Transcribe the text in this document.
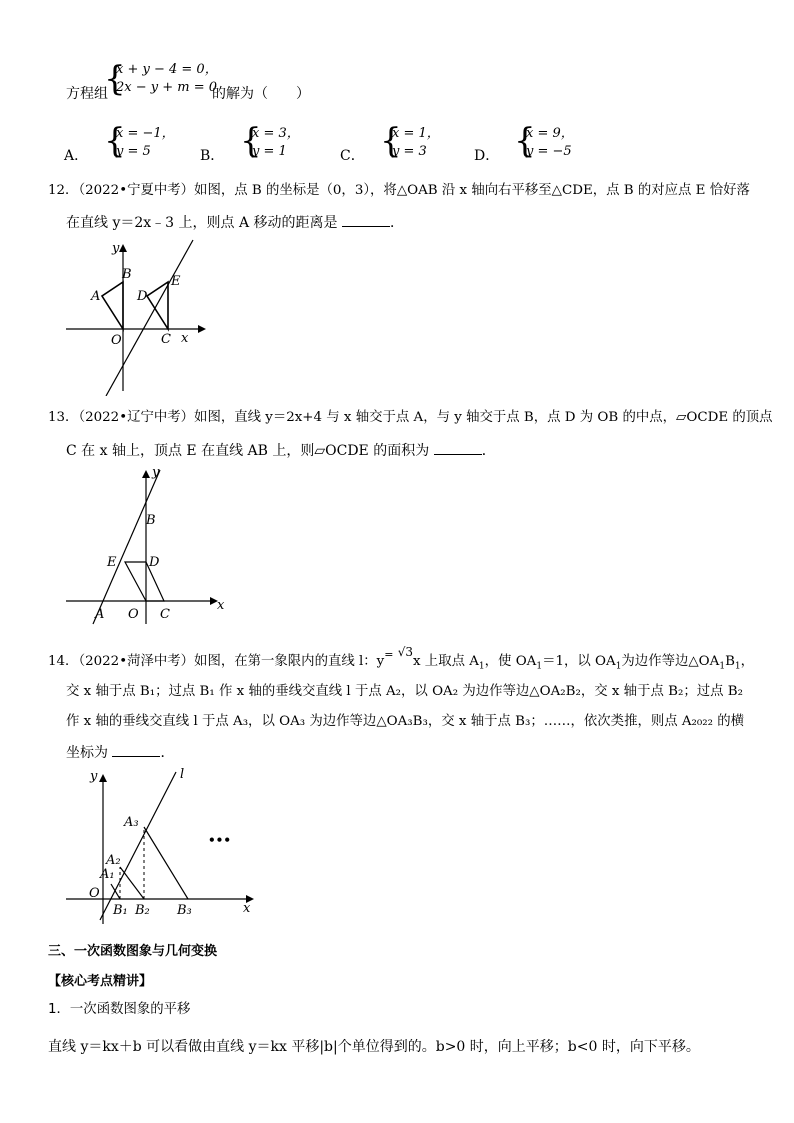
方程组
{
x + y − 4 = 0，
2x − y + m = 0
的解为（　　）
A． {
x = −1，
y = 5	B． {
x = 3，
y = 1	C． {
x = 1，
y = 3	D． {
x = 9，
y = −5
12．（2022•宁夏中考）如图，点 B 的坐标是（0，3），将△OAB 沿 x 轴向右平移至△CDE，点 B 的对应点 E 恰好落
在直线 y＝2x﹣3 上，则点 A 移动的距离是	．
y
x
O
A
B
C
D
E
13．（2022•辽宁中考）如图，直线 y＝2x+4 与 x 轴交于点 A，与 y 轴交于点 B，点 D 为 OB 的中点，▱OCDE 的顶点
C 在 x 轴上，顶点 E 在直线 AB 上，则▱OCDE 的面积为	．
y
x
B
E	D
A O C
14．（2022•菏泽中考）如图，在第一象限内的直线 l：y= √3x 上取点 $A_1$，使 $OA_1=1$，以 $OA_1$为边作等边$\triangle OA_1B_1$，
交 x 轴于点 B₁；过点 B₁ 作 x 轴的垂线交直线 l 于点 A₂，以 OA₂ 为边作等边△OA₂B₂，交 x 轴于点 B₂；过点 B₂
作 x 轴的垂线交直线 l 于点 A₃，以 OA₃ 为边作等边△OA₃B₃，交 x 轴于点 B₃；……，依次类推，则点 A₂₀₂₂ 的横
坐标为	．
y
x
l
O
A₁
A₂
A₃
B₁ B₂ B₃
•••
三、一次函数图象与几何变换
【核心考点精讲】
1．一次函数图象的平移
直线 y＝kx＋b 可以看做由直线 y＝kx 平移|b|个单位得到的。b>0 时，向上平移；b<0 时，向下平移。
